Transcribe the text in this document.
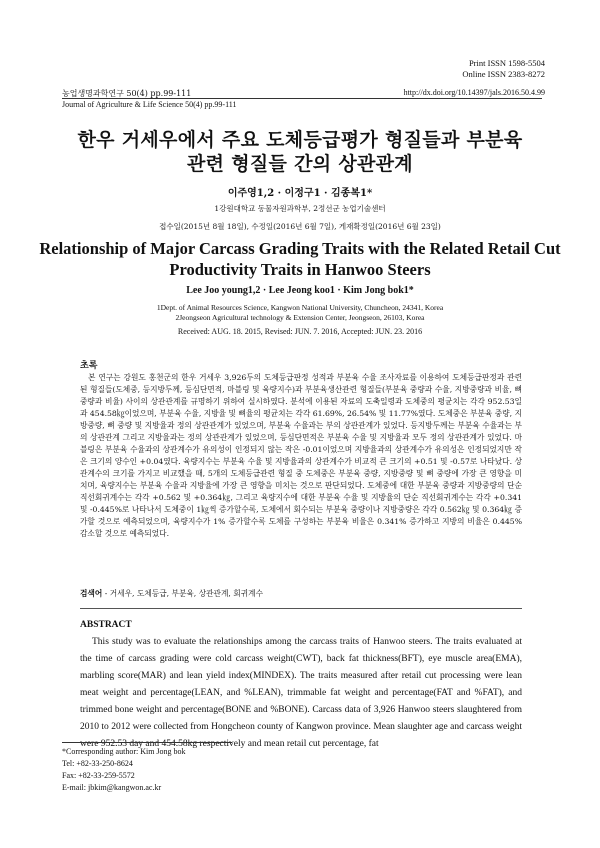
Print ISSN 1598-5504
Online ISSN 2383-8272
농업생명과학연구 50(4) pp.99-111	http://dx.doi.org/10.14397/jals.2016.50.4.99
Journal of Agriculture & Life Science 50(4) pp.99-111
한우 거세우에서 주요 도체등급평가 형질들과 부분육
관련 형질들 간의 상관관계
이주영1,2 · 이정구1 · 김종복1*
1강원대학교 동물자원과학부, 2정선군 농업기술센터
접수일(2015년 8월 18일), 수정일(2016년 6월 7일), 게재확정일(2016년 6월 23일)
Relationship of Major Carcass Grading Traits with the Related Retail Cut
Productivity Traits in Hanwoo Steers
Lee Joo young1,2 · Lee Jeong koo1 · Kim Jong bok1*
1Dept. of Animal Resources Science, Kangwon National University, Chuncheon, 24341, Korea
2Jeongseon Agricultural technology & Extension Center, Jeongseon, 26103, Korea
Received: AUG. 18. 2015, Revised: JUN. 7. 2016, Accepted: JUN. 23. 2016
초록
본 연구는 강원도 홍천군의 한우 거세우 3,926두의 도체등급판정 성적과 부분육 수율 조사자료를 이용하여 도체등급판정과 관련된 형질들(도체중, 등지방두께, 등심단면적, 마블링 및 육량지수)과 부분육생산관련 형질들(부분육 중량과 수율, 지방중량과 비율, 뼈 중량과 비율) 사이의 상관관계를 규명하기 위하여 실시하였다. 분석에 이용된 자료의 도축일령과 도체중의 평균치는 각각 952.53일과 454.58㎏이었으며, 부분육 수율, 지방율 및 뼈율의 평균치는 각각 61.69%, 26.54% 및 11.77%였다. 도체중은 부분육 중량, 지방중량, 뼈 중량 및 지방율과 정의 상관관계가 있었으며, 부분육 수율과는 부의 상관관계가 있었다. 등지방두께는 부분육 수율과는 부의 상관관계 그리고 지방율과는 정의 상관관계가 있었으며, 등심단면적은 부분육 수율 및 지방율과 모두 정의 상관관계가 있었다. 마블링은 부분육 수율과의 상관계수가 유의성이 인정되지 않는 작은 -0.01이었으며 지방율과의 상관계수가 유의성은 인정되었지만 작은 크기의 양수인 +0.04였다. 육량지수는 부분육 수율 및 지방율과의 상관계수가 비교적 큰 크기의 +0.51 및 -0.57로 나타났다. 상관계수의 크기를 가지고 비교했을 때, 5개의 도체등급관련 형질 중 도체중은 부분육 중량, 지방중량 및 뼈 중량에 가장 큰 영향을 미치며, 육량지수는 부분육 수율과 지방율에 가장 큰 영향을 미치는 것으로 판단되었다. 도체중에 대한 부분육 중량과 지방중량의 단순 직선회귀계수는 각각 +0.562 및 +0.364㎏, 그리고 육량지수에 대한 부분육 수율 및 지방율의 단순 직선회귀계수는 각각 +0.341 및 -0.445%로 나타나서 도체중이 1㎏씩 증가할수록, 도체에서 회수되는 부분육 중량이나 지방중량은 각각 0.562㎏ 및 0.364㎏ 증가할 것으로 예측되었으며, 육량지수가 1% 증가할수록 도체를 구성하는 부분육 비율은 0.341% 증가하고 지방의 비율은 0.445% 감소할 것으로 예측되었다.
검색어 - 거세우, 도체등급, 부분육, 상관관계, 회귀계수
ABSTRACT
This study was to evaluate the relationships among the carcass traits of Hanwoo steers. The traits evaluated at the time of carcass grading were cold carcass weight(CWT), back fat thickness(BFT), eye muscle area(EMA), marbling score(MAR) and lean yield index(MINDEX). The traits measured after retail cut processing were lean meat weight and percentage(LEAN, and %LEAN), trimmable fat weight and percentage(FAT and %FAT), and trimmed bone weight and percentage(BONE and %BONE). Carcass data of 3,926 Hanwoo steers slaughtered from 2010 to 2012 were collected from Hongcheon county of Kangwon province. Mean slaughter age and carcass weight were 952.53 day and 454.58kg respectively and mean retail cut percentage, fat
*Corresponding author: Kim Jong bok
Tel: +82-33-250-8624
Fax: +82-33-259-5572
E-mail: jbkim@kangwon.ac.kr
